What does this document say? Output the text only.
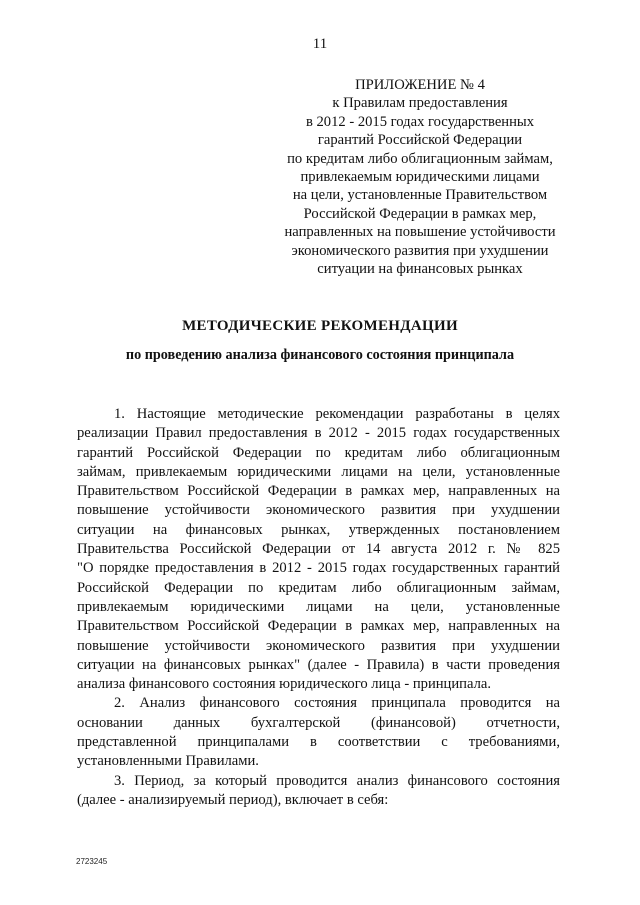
11
ПРИЛОЖЕНИЕ № 4
к Правилам предоставления
в 2012 - 2015 годах государственных
гарантий Российской Федерации
по кредитам либо облигационным займам,
привлекаемым юридическими лицами
на цели, установленные Правительством
Российской Федерации в рамках мер,
направленных на повышение устойчивости
экономического развития при ухудшении
ситуации на финансовых рынках
МЕТОДИЧЕСКИЕ РЕКОМЕНДАЦИИ
по проведению анализа финансового состояния принципала
1. Настоящие методические рекомендации разработаны в целях
реализации Правил предоставления в 2012 - 2015 годах государственных
гарантий Российской Федерации по кредитам либо облигационным
займам, привлекаемым юридическими лицами на цели, установленные
Правительством Российской Федерации в рамках мер, направленных на
повышение устойчивости экономического развития при ухудшении
ситуации на финансовых рынках, утвержденных постановлением
Правительства Российской Федерации от 14 августа 2012 г. № 825
"О порядке предоставления в 2012 - 2015 годах государственных гарантий
Российской Федерации по кредитам либо облигационным займам,
привлекаемым юридическими лицами на цели, установленные
Правительством Российской Федерации в рамках мер, направленных на
повышение устойчивости экономического развития при ухудшении
ситуации на финансовых рынках" (далее - Правила) в части проведения
анализа финансового состояния юридического лица - принципала.
2. Анализ финансового состояния принципала проводится на
основании данных бухгалтерской (финансовой) отчетности,
представленной принципалами в соответствии с требованиями,
установленными Правилами.
3. Период, за который проводится анализ финансового состояния
(далее - анализируемый период), включает в себя:
2723245
